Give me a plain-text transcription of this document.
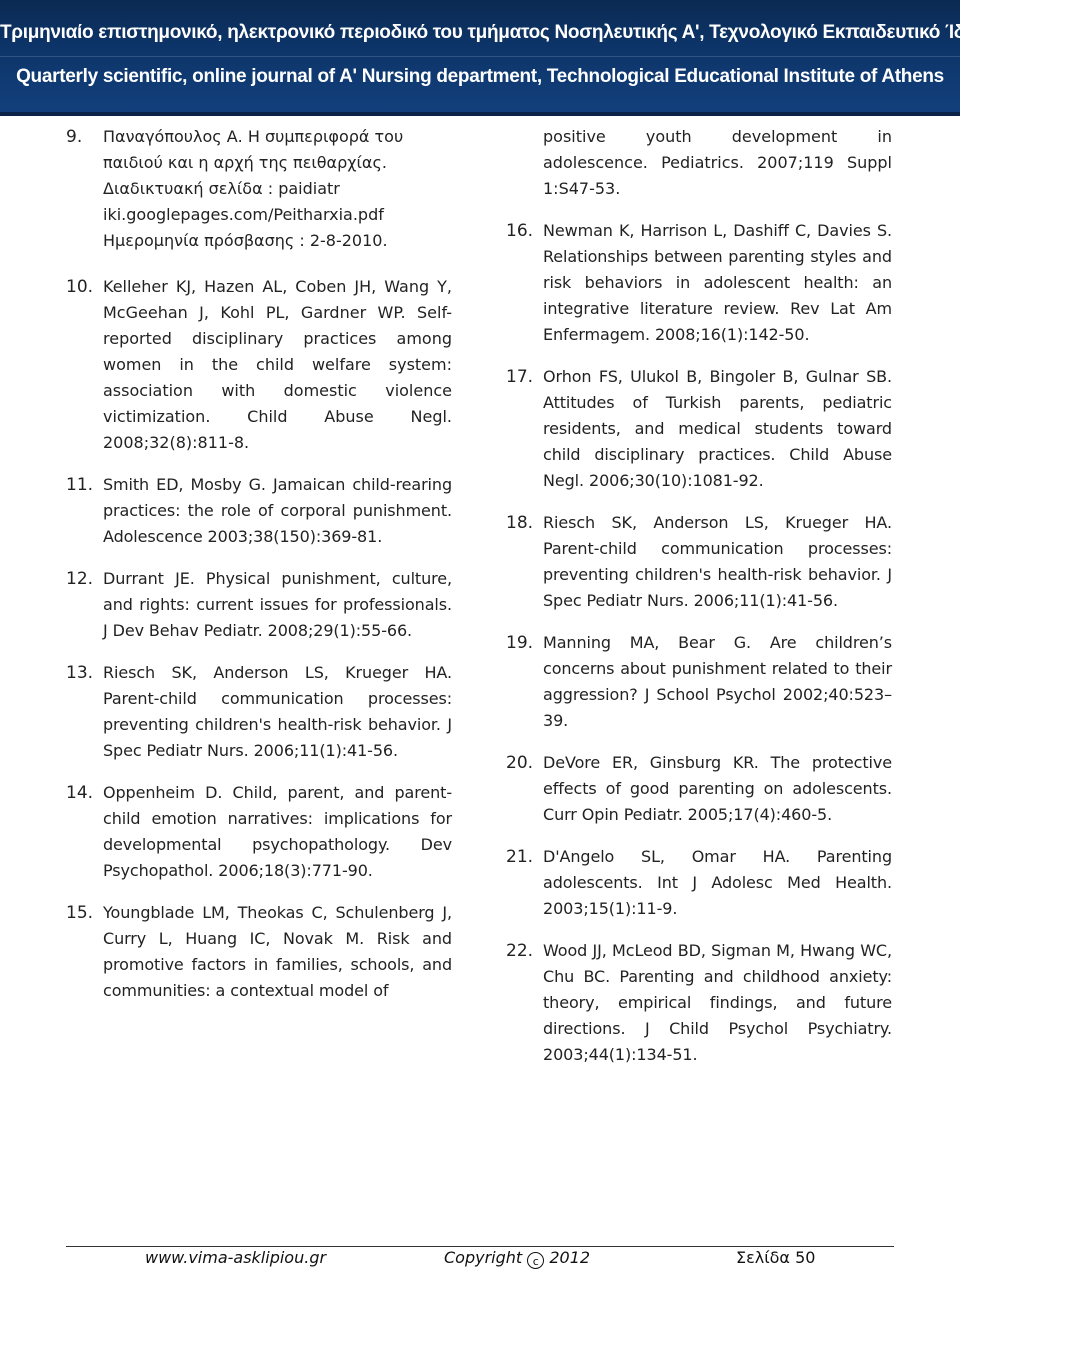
Τριμηνιαίο επιστημονικό, ηλεκτρονικό περιοδικό του τμήματος Νοσηλευτικής Α', Τεχνολογικό Εκπαιδευτικό Ίδρυμα Αθηνών
Quarterly scientific, online journal of A' Nursing department, Technological Educational Institute of Athens
9.	Παναγόπουλος Α. Η συμπεριφορά του παιδιού και η αρχή της πειθαρχίας. Διαδικτυακή σελίδα : paidiatr iki.googlepages.com/Peitharxia.pdf Ημερομηνία πρόσβασης : 2-8-2010.
10. Kelleher KJ, Hazen AL, Coben JH, Wang Y, McGeehan J, Kohl PL, Gardner WP. Self-reported disciplinary practices among women in the child welfare system: association with domestic violence victimization. Child Abuse Negl. 2008;32(8):811-8.
11. Smith ED, Mosby G. Jamaican child-rearing practices: the role of corporal punishment. Adolescence 2003;38(150):369-81.
12. Durrant JE. Physical punishment, culture, and rights: current issues for professionals. J Dev Behav Pediatr. 2008;29(1):55-66.
13. Riesch SK, Anderson LS, Krueger HA. Parent-child communication processes: preventing children's health-risk behavior. J Spec Pediatr Nurs. 2006;11(1):41-56.
14. Oppenheim D. Child, parent, and parent-child emotion narratives: implications for developmental psychopathology. Dev Psychopathol. 2006;18(3):771-90.
15. Youngblade LM, Theokas C, Schulenberg J, Curry L, Huang IC, Novak M. Risk and promotive factors in families, schools, and communities: a contextual model of
positive youth development in adolescence. Pediatrics. 2007;119 Suppl 1:S47-53.
16. Newman K, Harrison L, Dashiff C, Davies S. Relationships between parenting styles and risk behaviors in adolescent health: an integrative literature review. Rev Lat Am Enfermagem. 2008;16(1):142-50.
17. Orhon FS, Ulukol B, Bingoler B, Gulnar SB. Attitudes of Turkish parents, pediatric residents, and medical students toward child disciplinary practices. Child Abuse Negl. 2006;30(10):1081-92.
18. Riesch SK, Anderson LS, Krueger HA. Parent-child communication processes: preventing children's health-risk behavior. J Spec Pediatr Nurs. 2006;11(1):41-56.
19. Manning MA, Bear G. Are children’s concerns about punishment related to their aggression? J School Psychol 2002;40:523–39.
20. DeVore ER, Ginsburg KR. The protective effects of good parenting on adolescents. Curr Opin Pediatr. 2005;17(4):460-5.
21. D'Angelo SL, Omar HA. Parenting adolescents. Int J Adolesc Med Health. 2003;15(1):11-9.
22. Wood JJ, McLeod BD, Sigman M, Hwang WC, Chu BC. Parenting and childhood anxiety: theory, empirical findings, and future directions. J Child Psychol Psychiatry. 2003;44(1):134-51.
www.vima-asklipiou.gr	Copyright c 2012	Σελίδα 50
